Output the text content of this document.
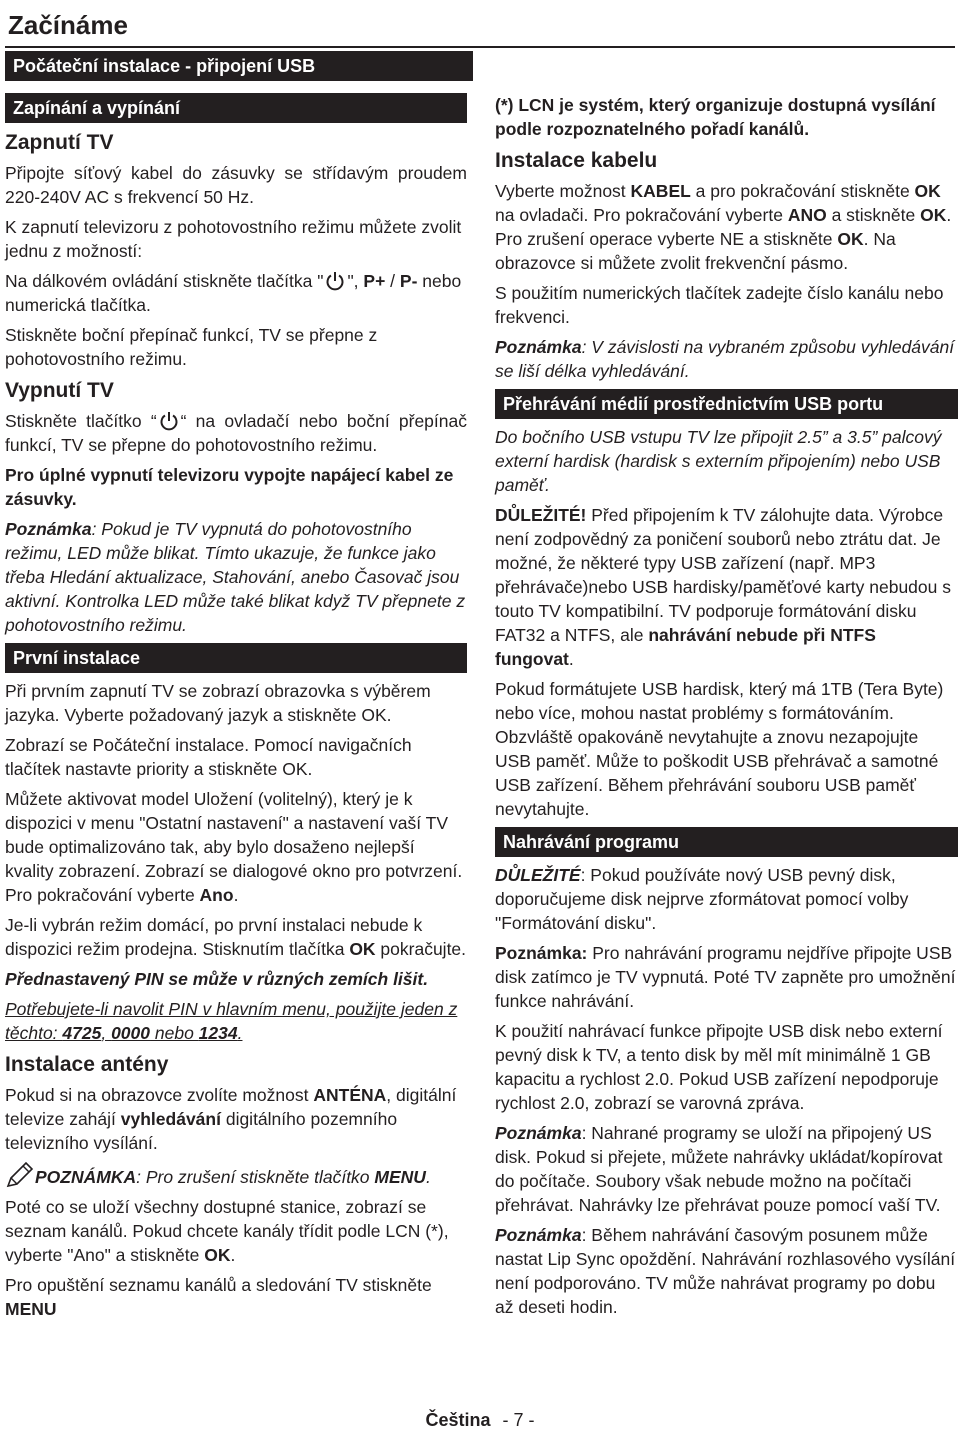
Začínáme
Počáteční instalace - připojení USB
Zapínání a vypínání
Zapnutí TV

Připojte síťový kabel do zásuvky se střídavým proudem 220-240V AC s frekvencí 50 Hz.

K zapnutí televizoru z pohotovostního režimu můžete zvolit jednu z možností:

Na dálkovém ovládání stiskněte tlačítka " ", P+ / P- nebo numerická tlačítka.

Stiskněte boční přepínač funkcí, TV se přepne z pohotovostního režimu.

Vypnutí TV

Stiskněte tlačítko “ “ na ovladačí nebo boční přepínač funkcí, TV se přepne do pohotovostního režimu.

Pro úplné vypnutí televizoru vypojte napájecí kabel ze zásuvky.

Poznámka: Pokud je TV vypnutá do pohotovostního režimu, LED může blikat. Tímto ukazuje, že funkce jako třeba Hledání aktualizace, Stahování, anebo Časovač jsou aktivní. Kontrolka LED může také blikat když TV přepnete z pohotovostního režimu.

První instalace

Při prvním zapnutí TV se zobrazí obrazovka s výběrem jazyka. Vyberte požadovaný jazyk a stiskněte OK.

Zobrazí se Počáteční instalace. Pomocí navigačních tlačítek nastavte priority a stiskněte OK.

Můžete aktivovat model Uložení (volitelný), který je k dispozici v menu "Ostatní nastavení" a nastavení vaší TV bude optimalizováno tak, aby bylo dosaženo nejlepší kvality zobrazení. Zobrazí se dialogové okno pro potvrzení. Pro pokračování vyberte Ano.

Je-li vybrán režim domácí, po první instalaci nebude k dispozici režim prodejna. Stisknutím tlačítka OK pokračujte.

Přednastavený PIN se může v různých zemích lišit.

Potřebujete-li navolit PIN v hlavním menu, použijte jeden z těchto: 4725, 0000 nebo 1234.

Instalace antény

Pokud si na obrazovce zvolíte možnost ANTÉNA, digitální televize zahájí vyhledávání digitálního pozemního televizního vysílání.

POZNÁMKA: Pro zrušení stiskněte tlačítko MENU.

Poté co se uloží všechny dostupné stanice, zobrazí se seznam kanálů. Pokud chcete kanály třídit podle LCN (*), vyberte "Ano" a stiskněte OK.

Pro opuštění seznamu kanálů a sledování TV stiskněte MENU

(*) LCN je systém, který organizuje dostupná vysílání podle rozpoznatelného pořadí kanálů.

Instalace kabelu

Vyberte možnost KABEL a pro pokračování stiskněte OK na ovladači. Pro pokračování vyberte ANO a stiskněte OK. Pro zrušení operace vyberte NE a stiskněte OK. Na obrazovce si můžete zvolit frekvenční pásmo.

S použitím numerických tlačítek zadejte číslo kanálu nebo frekvenci.

Poznámka: V závislosti na vybraném způsobu vyhledávání se liší délka vyhledávání.

Přehrávání médií prostřednictvím USB portu

Do bočního USB vstupu TV lze připojit 2.5” a 3.5” palcový externí hardisk (hardisk s externím připojením) nebo USB paměť.

DŮLEŽITÉ! Před připojením k TV zálohujte data. Výrobce není zodpovědný za poničení souborů nebo ztrátu dat. Je možné, že některé typy USB zařízení (např. MP3 přehrávače)nebo USB hardisky/paměťové karty nebudou s touto TV kompatibilní. TV podporuje formátování disku FAT32 a NTFS, ale nahrávání nebude při NTFS fungovat.

Pokud formátujete USB hardisk, který má 1TB (Tera Byte) nebo více, mohou nastat problémy s formátováním. Obzvláště opakováně nevytahujte a znovu nezapojujte USB paměť. Může to poškodit USB přehrávač a samotné USB zařízení. Během přehrávání souboru USB paměť nevytahujte.

Nahrávání programu

DŮLEŽITÉ: Pokud používáte nový USB pevný disk, doporučujeme disk nejprve zformátovat pomocí volby "Formátování disku".

Poznámka: Pro nahrávání programu nejdříve připojte USB disk zatímco je TV vypnutá. Poté TV zapněte pro umožnění funkce nahrávání.

K použití nahrávací funkce připojte USB disk nebo externí pevný disk k TV, a tento disk by měl mít minimálně 1 GB kapacitu a rychlost 2.0. Pokud USB zařízení nepodporuje rychlost 2.0, zobrazí se varovná zpráva.

Poznámka: Nahrané programy se uloží na připojený US disk. Pokud si přejete, můžete nahrávky ukládat/kopírovat do počítače. Soubory však nebude možno na počítači přehrávat. Nahrávky lze přehrávat pouze pomocí vaší TV.

Poznámka: Během nahrávání časovým posunem může nastat Lip Sync opoždění. Nahrávání rozhlasového vysílání není podporováno. TV může nahrávat programy po dobu až deseti hodin.

Čeština - 7 -
